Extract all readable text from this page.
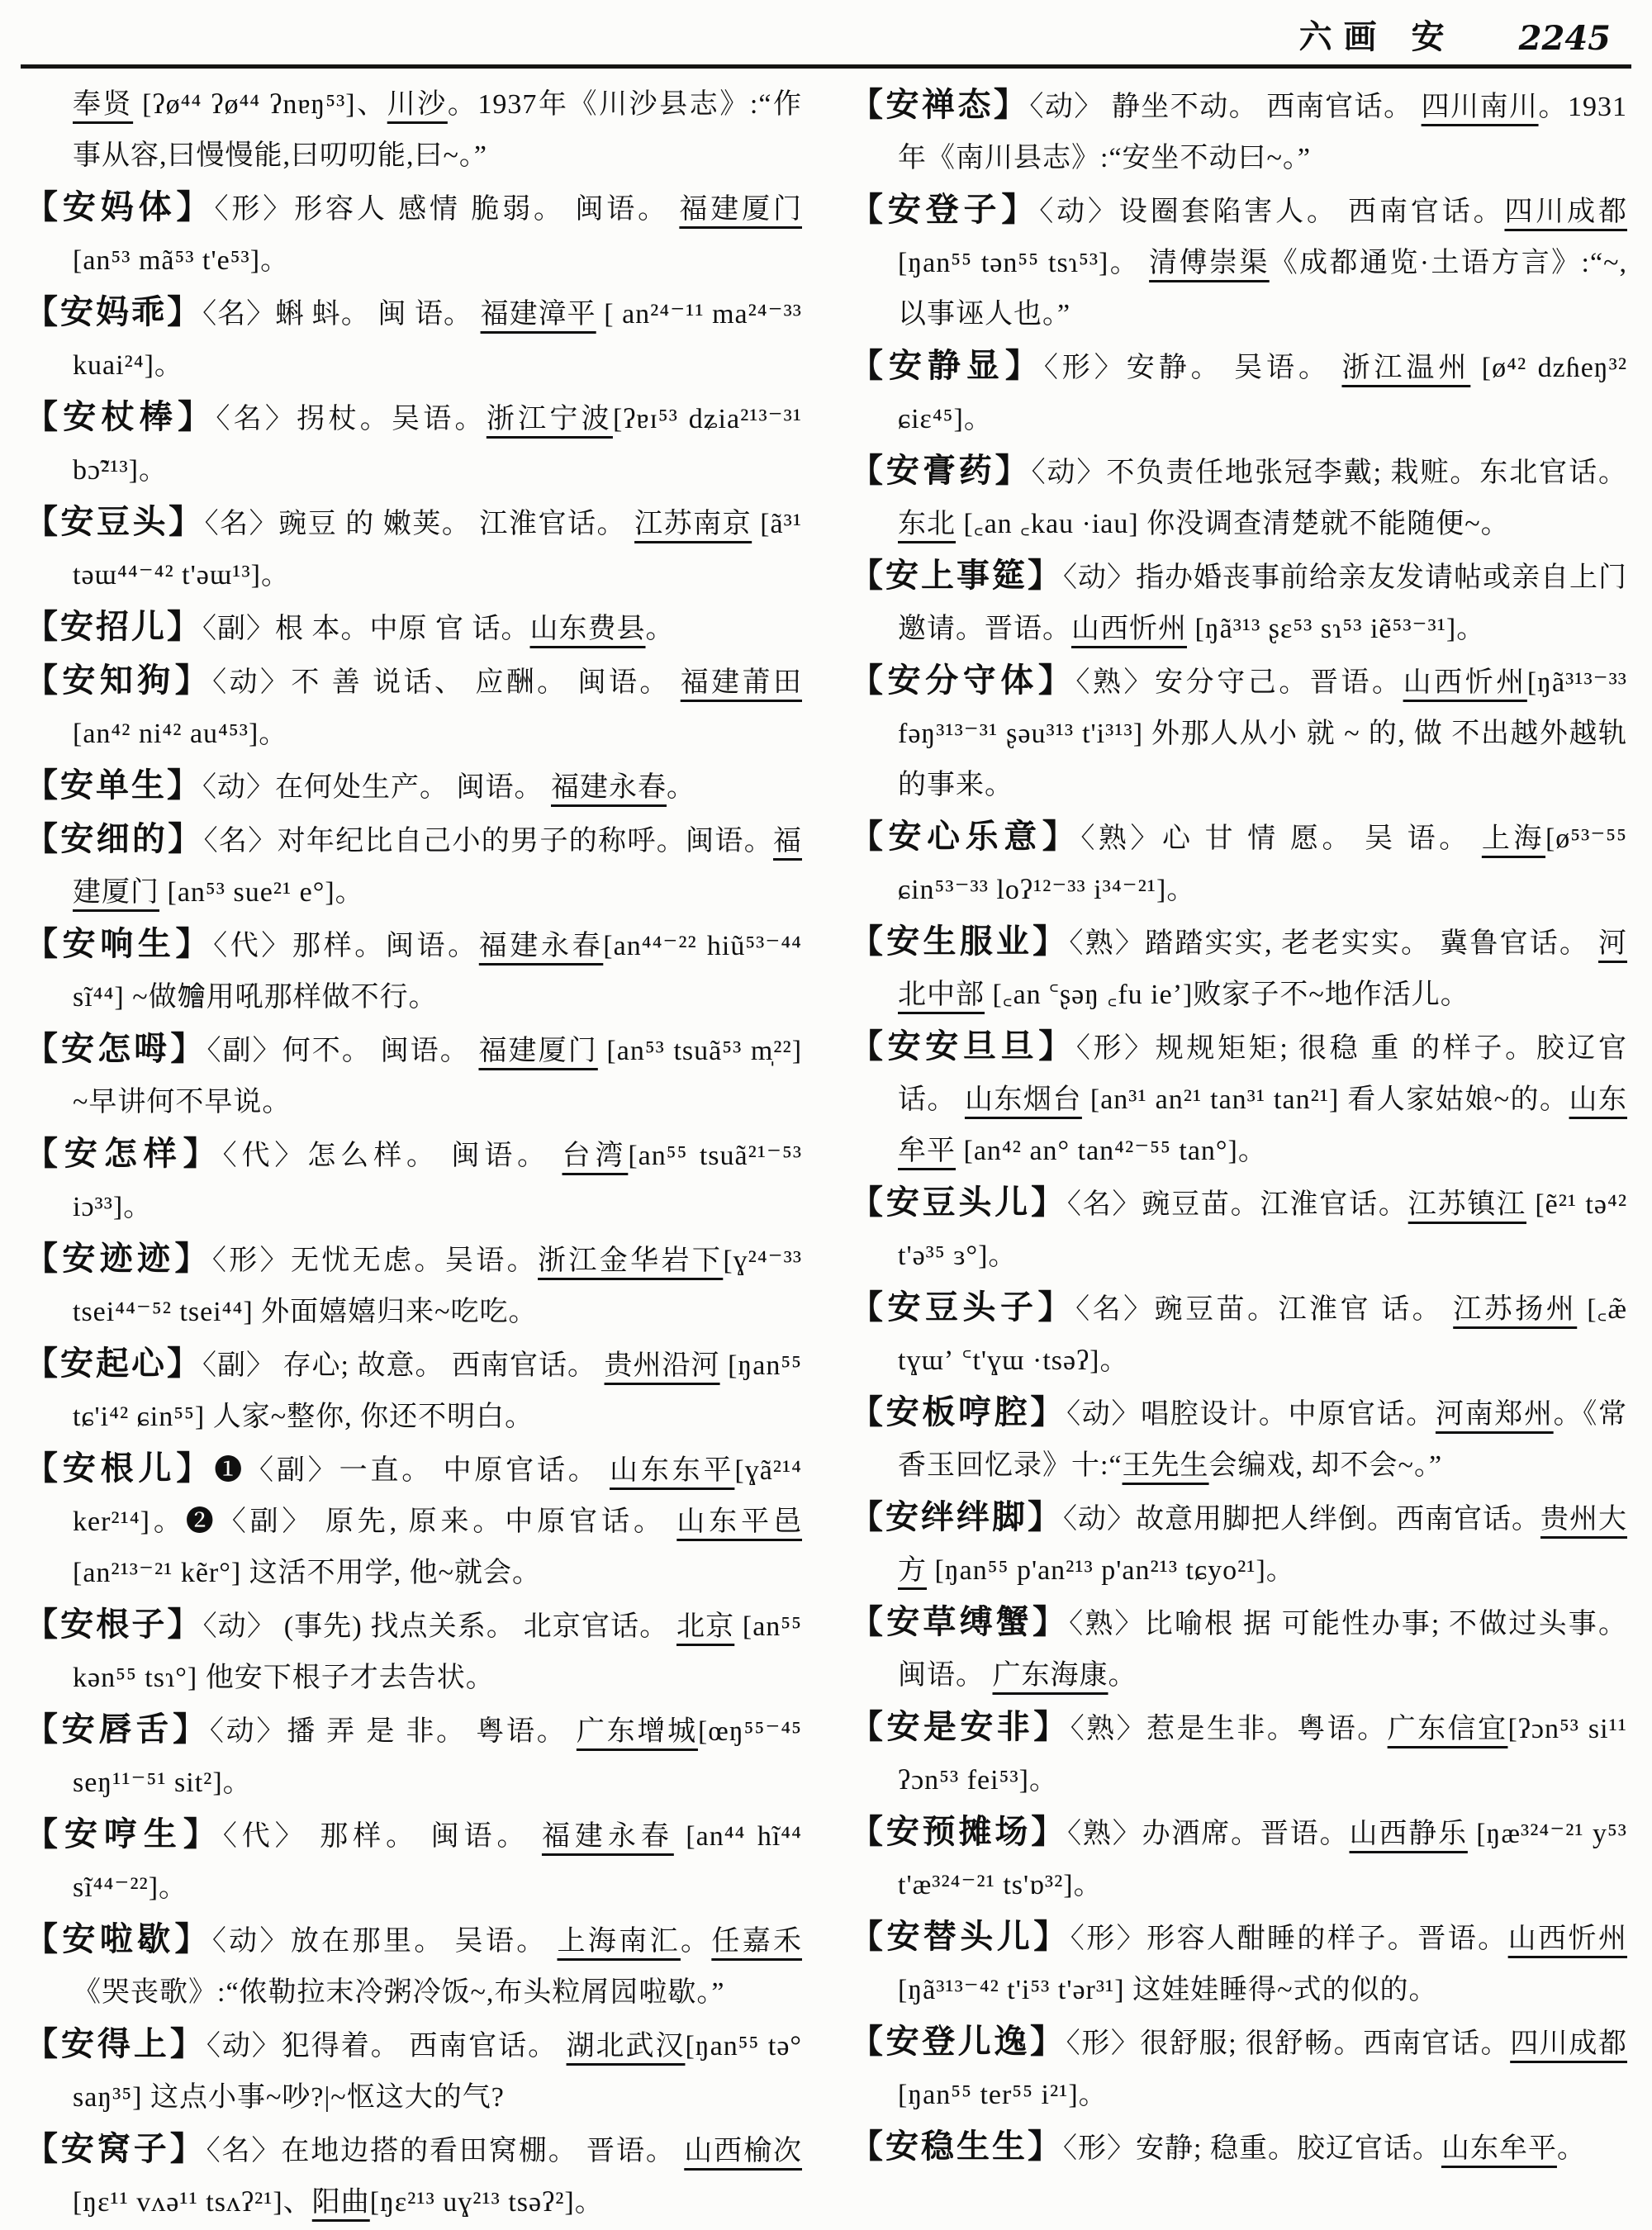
六画 安 2245
奉贤 [ʔø⁴⁴ ʔø⁴⁴ ʔnɐŋ⁵³]、川沙。1937年《川沙县志》:“作事从容,曰慢慢能,曰叨叨能,曰~。”
【安妈体】〈形〉形容人 感情 脆弱。 闽语。 福建厦门 [an⁵³ mã⁵³ t'e⁵³]。
【安妈乖】〈名〉蝌 蚪。 闽 语。 福建漳平 [ an²⁴⁻¹¹ ma²⁴⁻³³ kuai²⁴]。
【安杖棒】〈名〉拐杖。吴语。浙江宁波[ʔɐɪ⁵³ dʑia²¹³⁻³¹ bɔ̃²¹³]。
【安豆头】〈名〉豌豆 的 嫩荚。 江淮官话。 江苏南京 [ã³¹ təɯ⁴⁴⁻⁴² t'əɯ¹³]。
【安招儿】〈副〉根 本。中原 官 话。山东费县。
【安知狗】〈动〉不 善 说话、 应酬。 闽语。 福建莆田 [an⁴² ni⁴² au⁴⁵³]。
【安单生】〈动〉在何处生产。 闽语。 福建永春。
【安细的】〈名〉对年纪比自己小的男子的称呼。闽语。福建厦门 [an⁵³ sue²¹ e°]。
【安响生】〈代〉那样。闽语。福建永春[an⁴⁴⁻²² hiũ⁵³⁻⁴⁴ sĩ⁴⁴] ~做𣍐用吼那样做不行。
【安怎呣】〈副〉何不。 闽语。 福建厦门 [an⁵³ tsuã⁵³ m̩²²] ~早讲何不早说。
【安怎样】〈代〉怎么样。 闽语。 台湾[an⁵⁵ tsuã²¹⁻⁵³ iɔ³³]。
【安迹迹】〈形〉无忧无虑。吴语。浙江金华岩下[ɣ²⁴⁻³³ tsei⁴⁴⁻⁵² tsei⁴⁴] 外面嬉嬉归来~吃吃。
【安起心】〈副〉 存心; 故意。 西南官话。 贵州沿河 [ŋan⁵⁵ tɕ'i⁴² ɕin⁵⁵] 人家~整你, 你还不明白。
【安根儿】❶〈副〉一直。 中原官话。 山东东平[ɣã²¹⁴ ker²¹⁴]。❷〈副〉 原先, 原来。中原官话。 山东平邑 [an²¹³⁻²¹ kẽr°] 这活不用学, 他~就会。
【安根子】〈动〉 (事先) 找点关系。 北京官话。 北京 [an⁵⁵ kən⁵⁵ tsɿ°] 他安下根子才去告状。
【安唇舌】〈动〉播 弄 是 非。 粤语。 广东增城[œŋ⁵⁵⁻⁴⁵ seŋ¹¹⁻⁵¹ sit²]。
【安哼生】〈代〉 那样。 闽语。 福建永春 [an⁴⁴ hĩ⁴⁴ sĩ⁴⁴⁻²²]。
【安啦歇】〈动〉放在那里。 吴语。 上海南汇。任嘉禾《哭丧歌》:“侬勒拉末冷粥冷饭~,布头粒屑囥啦歇。”
【安得上】〈动〉犯得着。 西南官话。 湖北武汉[ŋan⁵⁵ tə° saŋ³⁵] 这点小事~吵?|~怄这大的气?
【安窝子】〈名〉在地边搭的看田窝棚。 晋语。 山西榆次 [ŋɛ¹¹ vʌə¹¹ tsʌʔ²¹]、阳曲[ŋɛ²¹³ uɣ²¹³ tsəʔ²]。
【安禅态】〈动〉 静坐不动。 西南官话。 四川南川。1931年《南川县志》:“安坐不动曰~。”
【安登子】〈动〉设圈套陷害人。 西南官话。四川成都 [ŋan⁵⁵ tən⁵⁵ tsɿ⁵³]。 清傅崇渠《成都通览·土语方言》:“~,以事诬人也。”
【安静显】〈形〉安静。 吴语。 浙江温州 [ø⁴² dzɦeŋ³² ɕiɛ⁴⁵]。
【安膏药】〈动〉不负责任地张冠李戴; 栽赃。东北官话。 东北 [꜀an ꜀kau ·iau] 你没调查清楚就不能随便~。
【安上事筵】〈动〉指办婚丧事前给亲友发请帖或亲自上门邀请。晋语。山西忻州 [ŋã³¹³ ʂɛ⁵³ sɿ⁵³ iẽ⁵³⁻³¹]。
【安分守体】〈熟〉安分守己。晋语。山西忻州[ŋã³¹³⁻³³ fəŋ³¹³⁻³¹ ʂəu³¹³ t'i³¹³] 外那人从小 就 ~ 的, 做 不出越外越轨的事来。
【安心乐意】〈熟〉心 甘 情 愿。 吴 语。 上海[ø⁵³⁻⁵⁵ ɕin⁵³⁻³³ loʔ¹²⁻³³ i³⁴⁻²¹]。
【安生服业】〈熟〉踏踏实实, 老老实实。 冀鲁官话。 河北中部 [꜀an ꜂ʂəŋ ꜀fu ieʼ]败家子不~地作活儿。
【安安旦旦】〈形〉规规矩矩; 很稳 重 的样子。胶辽官话。 山东烟台 [an³¹ an²¹ tan³¹ tan²¹] 看人家姑娘~的。山东牟平 [an⁴² an° tan⁴²⁻⁵⁵ tan°]。
【安豆头儿】〈名〉豌豆苗。江淮官话。江苏镇江 [ẽ²¹ tə⁴² t'ə³⁵ ɜ°]。
【安豆头子】〈名〉豌豆苗。江淮官 话。 江苏扬州 [꜀æ̃ tɣɯʼ ꜂t'ɣɯ ·tsəʔ]。
【安板哼腔】〈动〉唱腔设计。中原官话。河南郑州。《常香玉回忆录》十:“王先生会编戏, 却不会~。”
【安绊绊脚】〈动〉故意用脚把人绊倒。西南官话。贵州大方 [ŋan⁵⁵ p'an²¹³ p'an²¹³ tɕyo²¹]。
【安草缚蟹】〈熟〉比喻根 据 可能性办事; 不做过头事。 闽语。 广东海康。
【安是安非】〈熟〉惹是生非。粤语。广东信宜[ʔɔn⁵³ si¹¹ ʔɔn⁵³ fei⁵³]。
【安预摊场】〈熟〉办酒席。晋语。山西静乐 [ŋæ³²⁴⁻²¹ y⁵³ t'æ³²⁴⁻²¹ ts'ɒ³²]。
【安替头儿】〈形〉形容人酣睡的样子。晋语。山西忻州 [ŋã³¹³⁻⁴² t'i⁵³ t'ər³¹] 这娃娃睡得~式的似的。
【安登儿逸】〈形〉很舒服; 很舒畅。西南官话。四川成都 [ŋan⁵⁵ ter⁵⁵ i²¹]。
【安稳生生】〈形〉安静; 稳重。胶辽官话。山东牟平。
